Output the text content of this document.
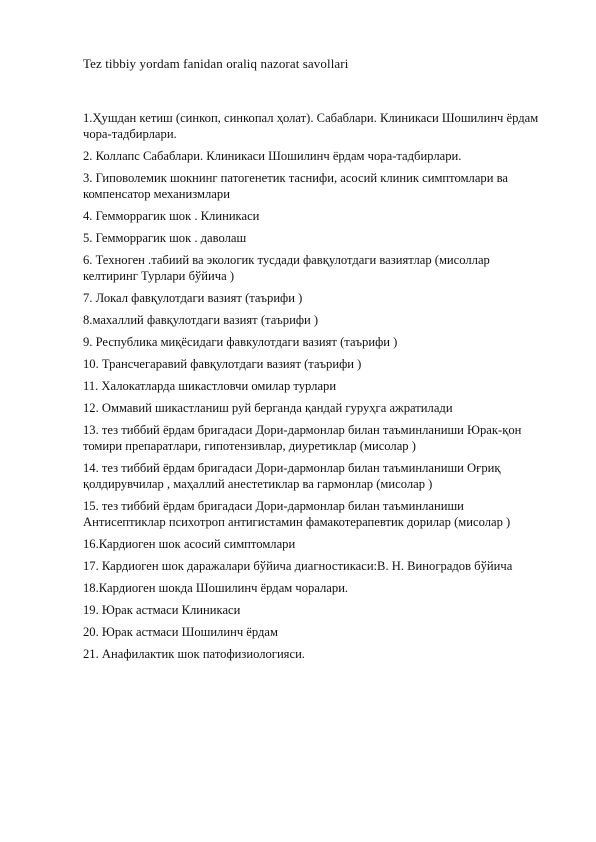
Tez tibbiy yordam fanidan oraliq nazorat savollari
1.Ҳушдан кетиш (синкоп, синкопал ҳолат). Сабаблари. Клиникаси Шошилинч ёрдам чора-тадбирлари.
2. Коллапс Сабаблари. Клиникаси Шошилинч ёрдам чора-тадбирлари.
3. Гиповолемик шокнинг патогенетик таснифи, асосий клиник симптомлари ва компенсатор механизмлари
4. Гемморрагик шок . Клиникаси
5. Гемморрагик шок . даволаш
6. Техноген .табиий ва экологик тусдади фавқулотдаги вазиятлар (мисоллар келтиринг Турлари бўйича )
7. Локал фавқулотдаги вазият (таърифи )
8.махаллий фавқулотдаги вазият (таърифи )
9. Республика миқёсидаги фавкулотдаги вазият (таърифи )
10. Трансчегаравий фавқулотдаги вазият (таърифи )
11. Халокатларда шикастловчи омилар турлари
12. Оммавий шикастланиш руй берганда қандай гуруҳга ажратилади
13. тез тиббий ёрдам бригадаси Дори-дармонлар билан таъминланиши Юрак-қон томири препаратлари, гипотензивлар, диуретиклар (мисолар )
14. тез тиббий ёрдам бригадаси Дори-дармонлар билан таъминланиши Оғриқ қолдирувчилар , маҳаллий анестетиклар ва гармонлар (мисолар )
15. тез тиббий ёрдам бригадаси Дори-дармонлар билан таъминланиши Антисептиклар психотроп антигистамин фамакотерапевтик дорилар (мисолар )
16.Кардиоген шок асосий симптомлари
17. Кардиоген шок даражалари бўйича диагностикаси:В. Н. Виноградов бўйича
18.Кардиоген шокда Шошилинч ёрдам чоралари.
19. Юрак астмаси Клиникаси
20. Юрак астмаси Шошилинч ёрдам
21. Анафилактик шок патофизиологияси.
